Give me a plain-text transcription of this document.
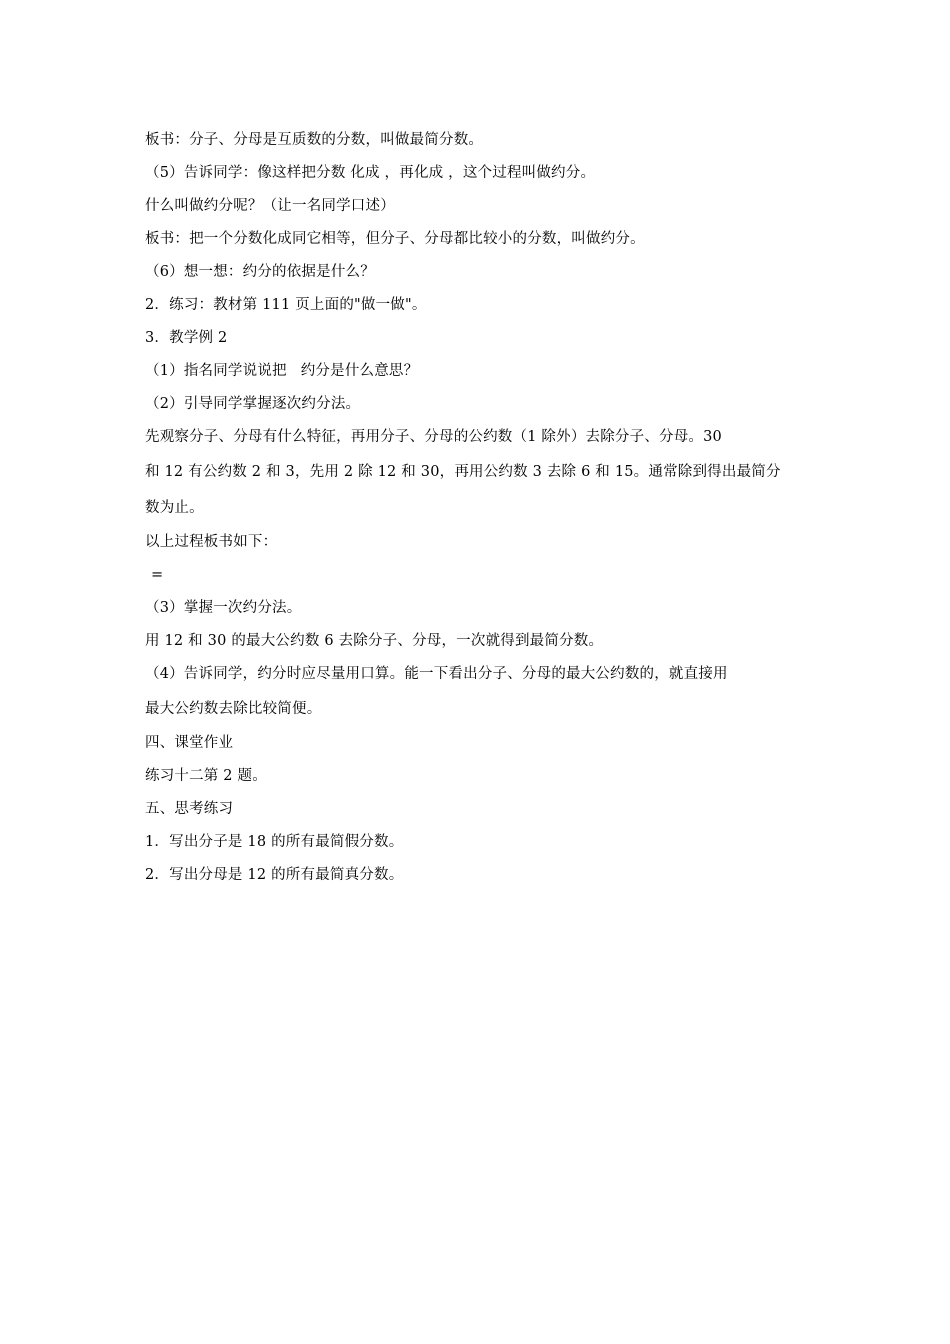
板书：分子、分母是互质数的分数，叫做最简分数。
（5）告诉同学：像这样把分数 化成 ，再化成 ，这个过程叫做约分。
什么叫做约分呢？（让一名同学口述）
板书：把一个分数化成同它相等，但分子、分母都比较小的分数，叫做约分。
（6）想一想：约分的依据是什么？
2．练习：教材第 111 页上面的"做一做"。
3．教学例 2
（1）指名同学说说把 约分是什么意思？
（2）引导同学掌握逐次约分法。
先观察分子、分母有什么特征，再用分子、分母的公约数（1 除外）去除分子、分母。30
和 12 有公约数 2 和 3，先用 2 除 12 和 30，再用公约数 3 去除 6 和 15。通常除到得出最简分
数为止。
以上过程板书如下：
=
（3）掌握一次约分法。
用 12 和 30 的最大公约数 6 去除分子、分母，一次就得到最简分数。
（4）告诉同学，约分时应尽量用口算。能一下看出分子、分母的最大公约数的，就直接用
最大公约数去除比较简便。
四、课堂作业
练习十二第 2 题。
五、思考练习
1．写出分子是 18 的所有最简假分数。
2．写出分母是 12 的所有最简真分数。
